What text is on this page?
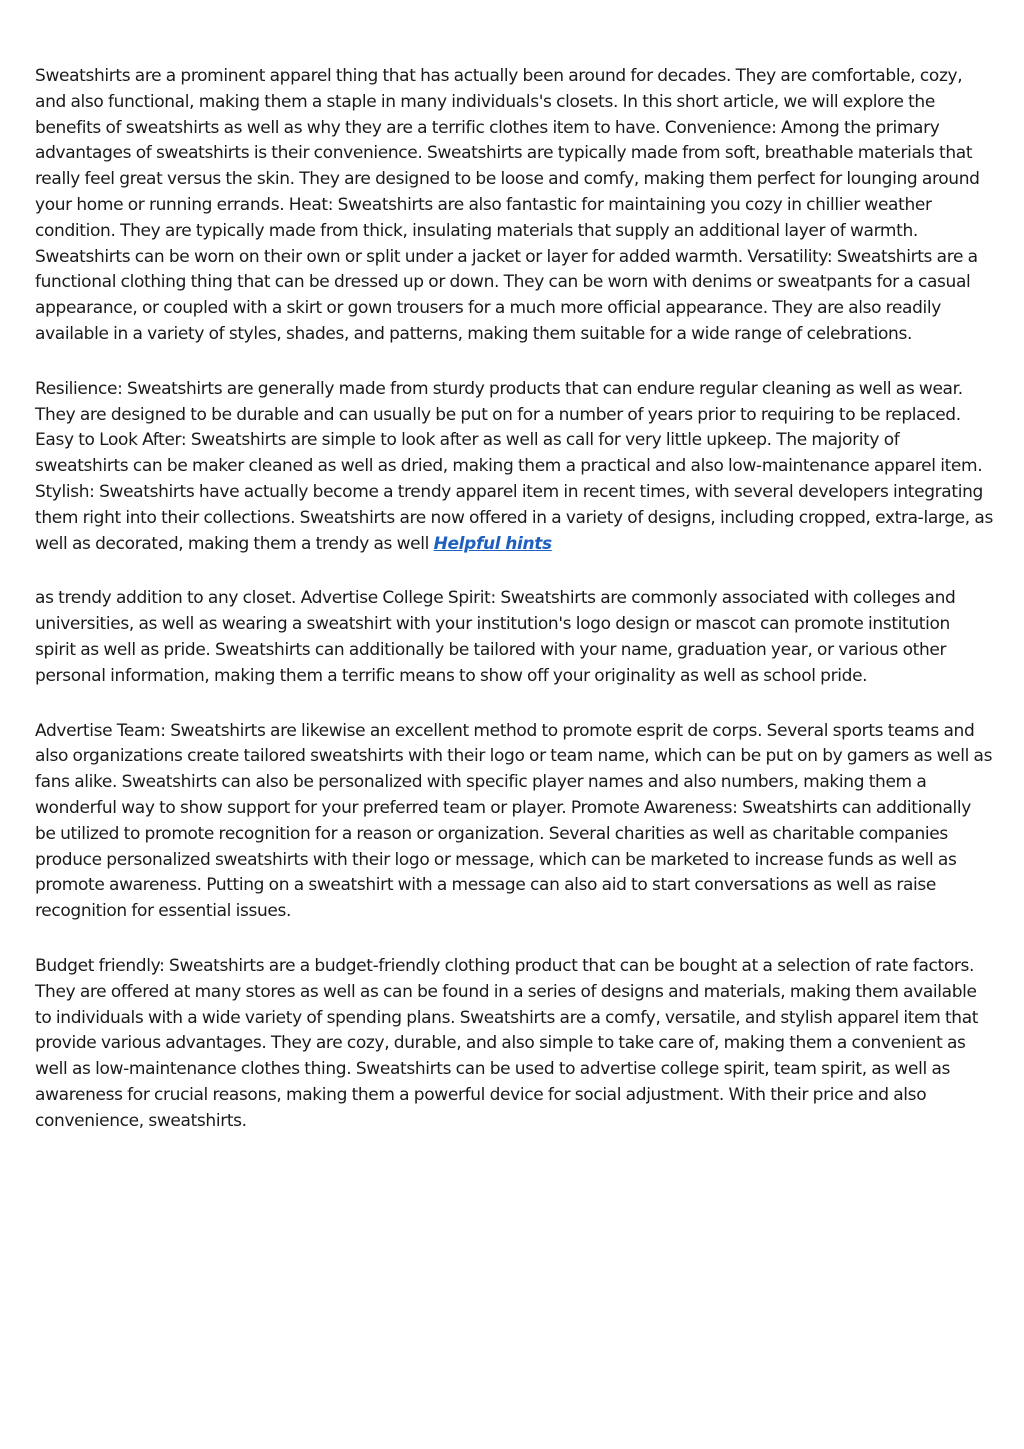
Sweatshirts are a prominent apparel thing that has actually been around for decades. They are comfortable, cozy, and also functional, making them a staple in many individuals's closets. In this short article, we will explore the benefits of sweatshirts as well as why they are a terrific clothes item to have. Convenience: Among the primary advantages of sweatshirts is their convenience. Sweatshirts are typically made from soft, breathable materials that really feel great versus the skin. They are designed to be loose and comfy, making them perfect for lounging around your home or running errands. Heat: Sweatshirts are also fantastic for maintaining you cozy in chillier weather condition. They are typically made from thick, insulating materials that supply an additional layer of warmth. Sweatshirts can be worn on their own or split under a jacket or layer for added warmth. Versatility: Sweatshirts are a functional clothing thing that can be dressed up or down. They can be worn with denims or sweatpants for a casual appearance, or coupled with a skirt or gown trousers for a much more official appearance. They are also readily available in a variety of styles, shades, and patterns, making them suitable for a wide range of celebrations.

Resilience: Sweatshirts are generally made from sturdy products that can endure regular cleaning as well as wear. They are designed to be durable and can usually be put on for a number of years prior to requiring to be replaced. Easy to Look After: Sweatshirts are simple to look after as well as call for very little upkeep. The majority of sweatshirts can be maker cleaned as well as dried, making them a practical and also low-maintenance apparel item. Stylish: Sweatshirts have actually become a trendy apparel item in recent times, with several developers integrating them right into their collections. Sweatshirts are now offered in a variety of designs, including cropped, extra-large, as well as decorated, making them a trendy as well Helpful hints

as trendy addition to any closet. Advertise College Spirit: Sweatshirts are commonly associated with colleges and universities, as well as wearing a sweatshirt with your institution's logo design or mascot can promote institution spirit as well as pride. Sweatshirts can additionally be tailored with your name, graduation year, or various other personal information, making them a terrific means to show off your originality as well as school pride.

Advertise Team: Sweatshirts are likewise an excellent method to promote esprit de corps. Several sports teams and also organizations create tailored sweatshirts with their logo or team name, which can be put on by gamers as well as fans alike. Sweatshirts can also be personalized with specific player names and also numbers, making them a wonderful way to show support for your preferred team or player. Promote Awareness: Sweatshirts can additionally be utilized to promote recognition for a reason or organization. Several charities as well as charitable companies produce personalized sweatshirts with their logo or message, which can be marketed to increase funds as well as promote awareness. Putting on a sweatshirt with a message can also aid to start conversations as well as raise recognition for essential issues.

Budget friendly: Sweatshirts are a budget-friendly clothing product that can be bought at a selection of rate factors. They are offered at many stores as well as can be found in a series of designs and materials, making them available to individuals with a wide variety of spending plans. Sweatshirts are a comfy, versatile, and stylish apparel item that provide various advantages. They are cozy, durable, and also simple to take care of, making them a convenient as well as low-maintenance clothes thing. Sweatshirts can be used to advertise college spirit, team spirit, as well as awareness for crucial reasons, making them a powerful device for social adjustment. With their price and also convenience, sweatshirts.
